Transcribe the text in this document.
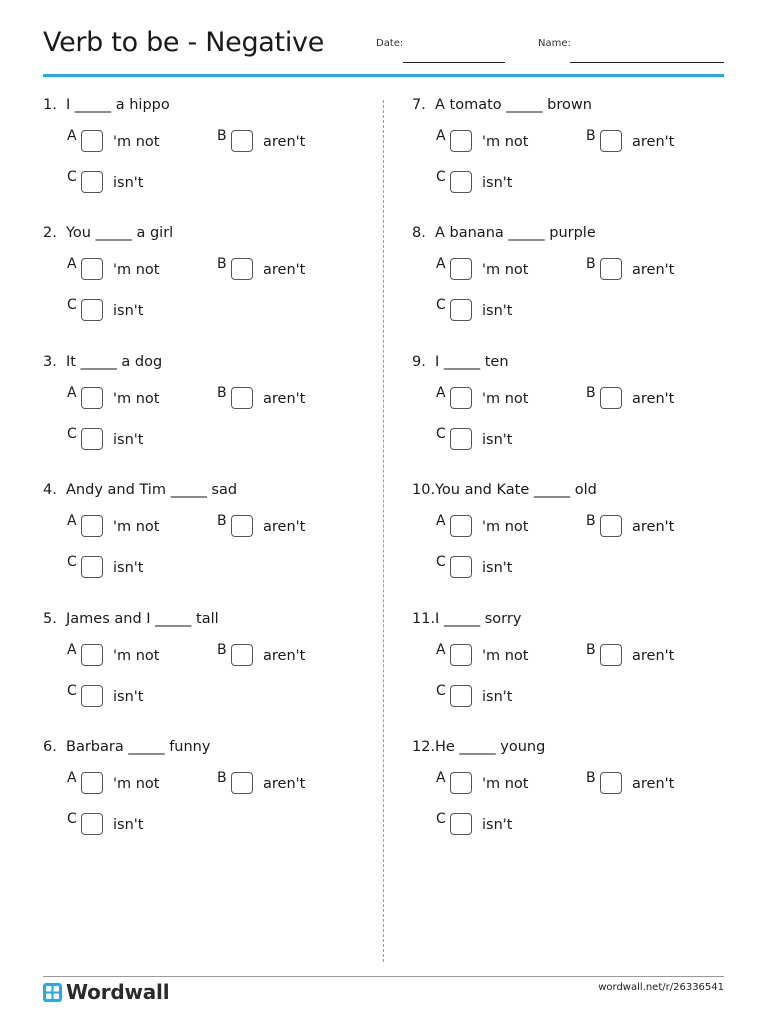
Verb to be - Negative	Date:	Name:
1. I _____ a hippo
A	'm not	B	aren't
C isn't
2. You _____ a girl
A	'm not	B	aren't
C isn't
3. It _____ a dog
A	'm not	B	aren't
C isn't
4. Andy and Tim _____ sad
A	'm not	B	aren't
C isn't
5. James and I _____ tall
A	'm not	B	aren't
C isn't
6. Barbara _____ funny
A	'm not	B	aren't
C isn't
7. A tomato _____ brown
A	'm not	B	aren't
C isn't
8. A banana _____ purple
A	'm not	B	aren't
C isn't
9. I _____ ten
A	'm not	B	aren't
C isn't
10.You and Kate _____ old
A	'm not	B	aren't
C isn't
11.I _____ sorry
A	'm not	B	aren't
C isn't
12.He _____ young
A	'm not	B	aren't
C isn't
Wordwall	wordwall.net/r/26336541
